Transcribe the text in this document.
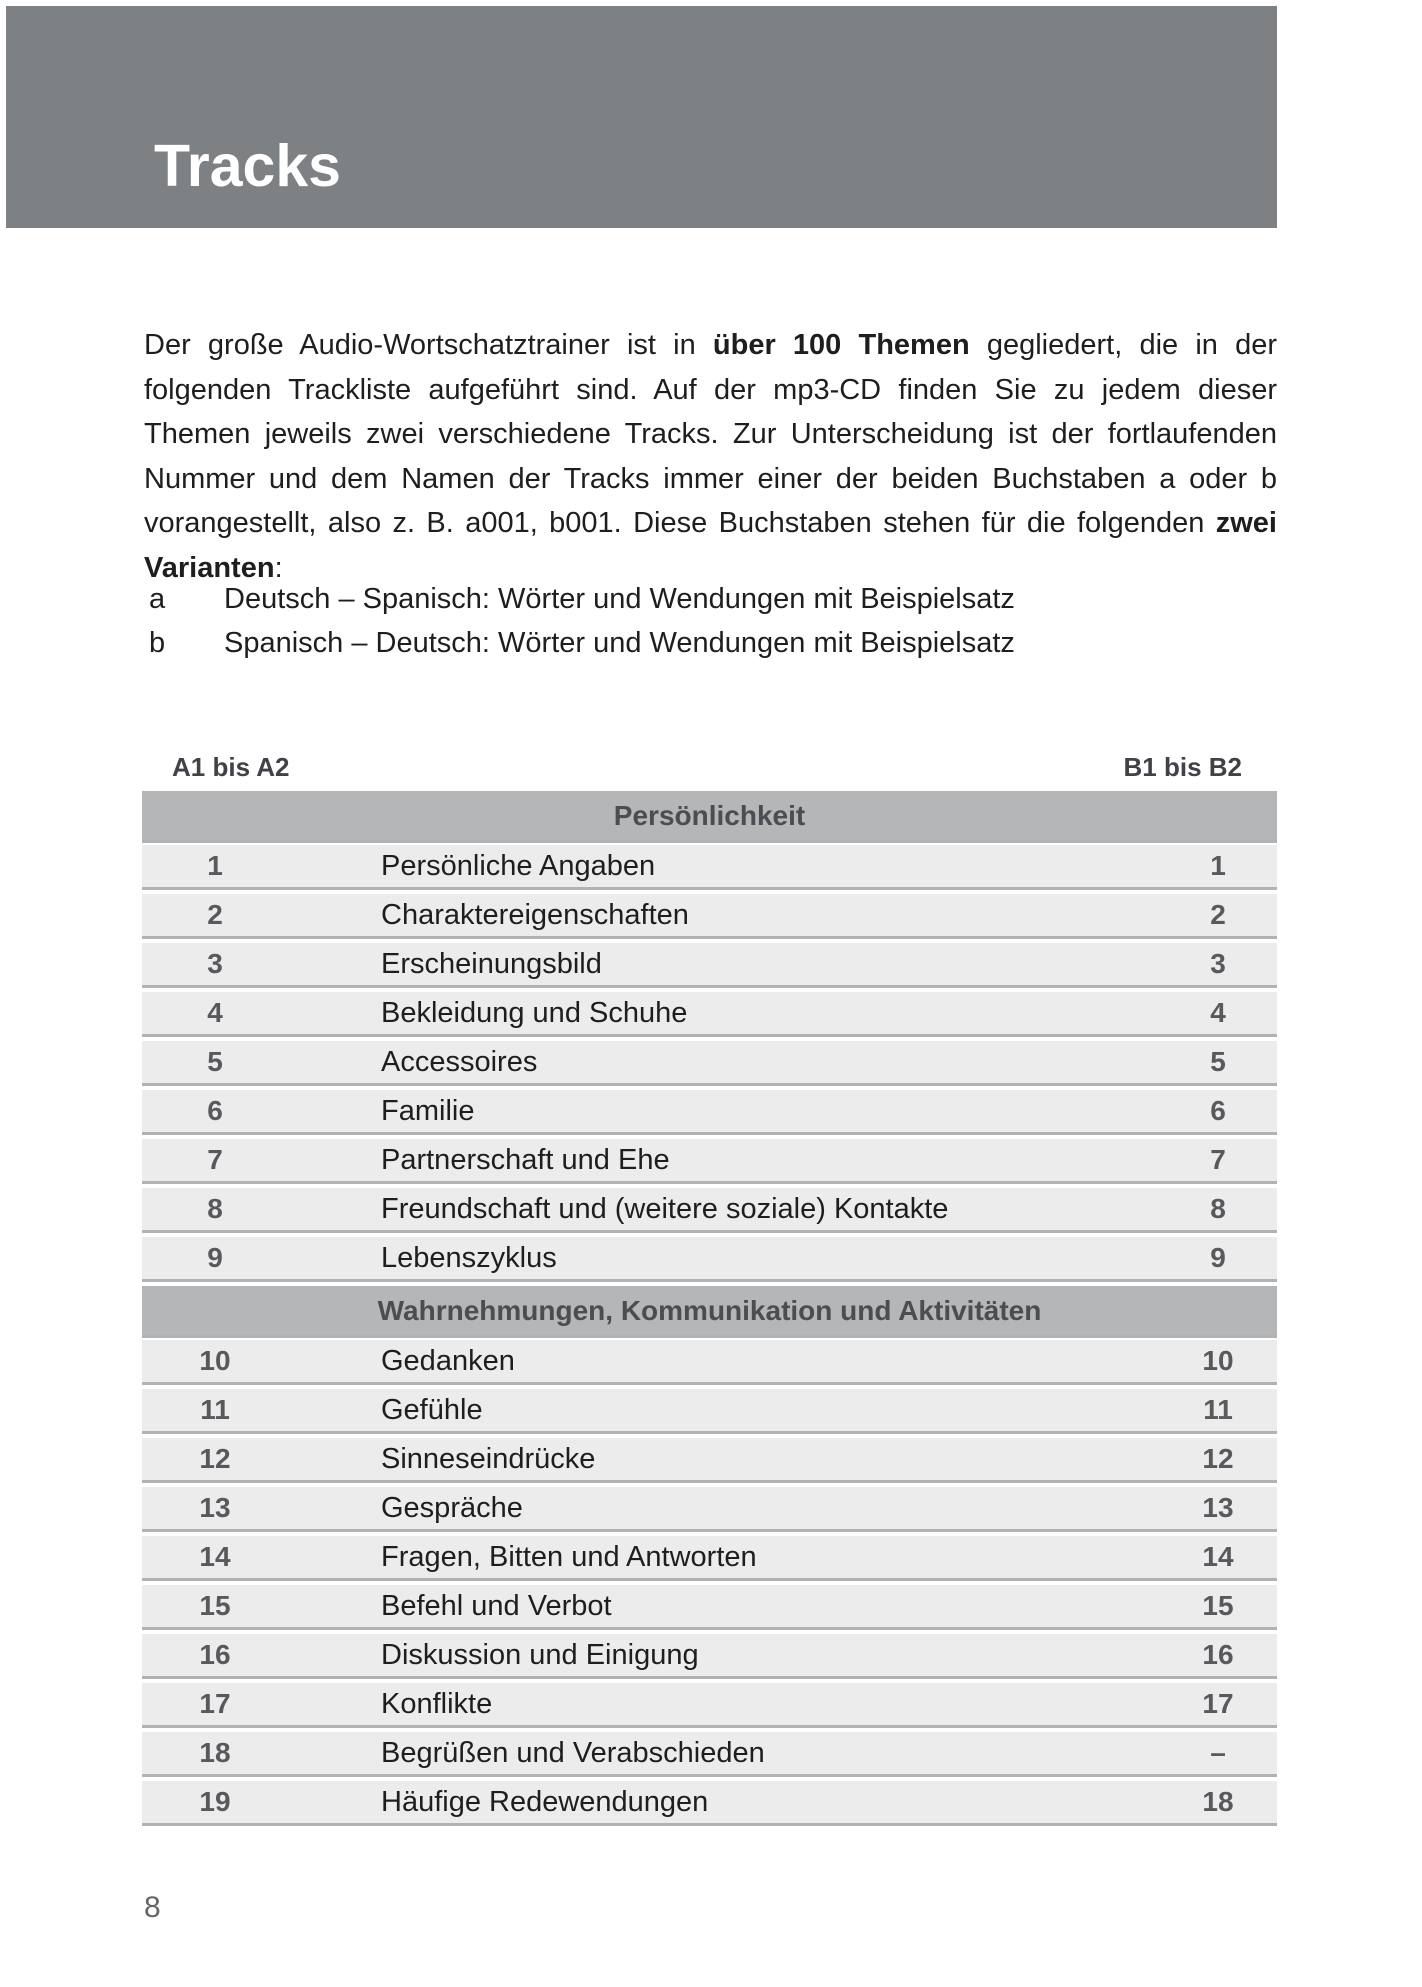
Tracks

Der große Audio-Wortschatztrainer ist in über 100 Themen gegliedert, die in der folgenden Trackliste aufgeführt sind. Auf der mp3-CD finden Sie zu jedem dieser Themen jeweils zwei verschiedene Tracks. Zur Unterscheidung ist der fortlaufenden Nummer und dem Namen der Tracks immer einer der beiden Buchstaben a oder b vorangestellt, also z. B. a001, b001. Diese Buchstaben stehen für die folgenden zwei Varianten:

a	Deutsch – Spanisch: Wörter und Wendungen mit Beispielsatz
b	Spanisch – Deutsch: Wörter und Wendungen mit Beispielsatz
A1 bis A2	B1 bis B2
Persönlichkeit
1	Persönliche Angaben	1
2	Charaktereigenschaften	2
3	Erscheinungsbild	3
4	Bekleidung und Schuhe	4
5	Accessoires	5
6	Familie	6
7	Partnerschaft und Ehe	7
8	Freundschaft und (weitere soziale) Kontakte	8
9	Lebenszyklus	9
Wahrnehmungen, Kommunikation und Aktivitäten
10	Gedanken	10
11	Gefühle	11
12	Sinneseindrücke	12
13	Gespräche	13
14	Fragen, Bitten und Antworten	14
15	Befehl und Verbot	15
16	Diskussion und Einigung	16
17	Konflikte	17
18	Begrüßen und Verabschieden	–
19	Häufige Redewendungen	18
8
